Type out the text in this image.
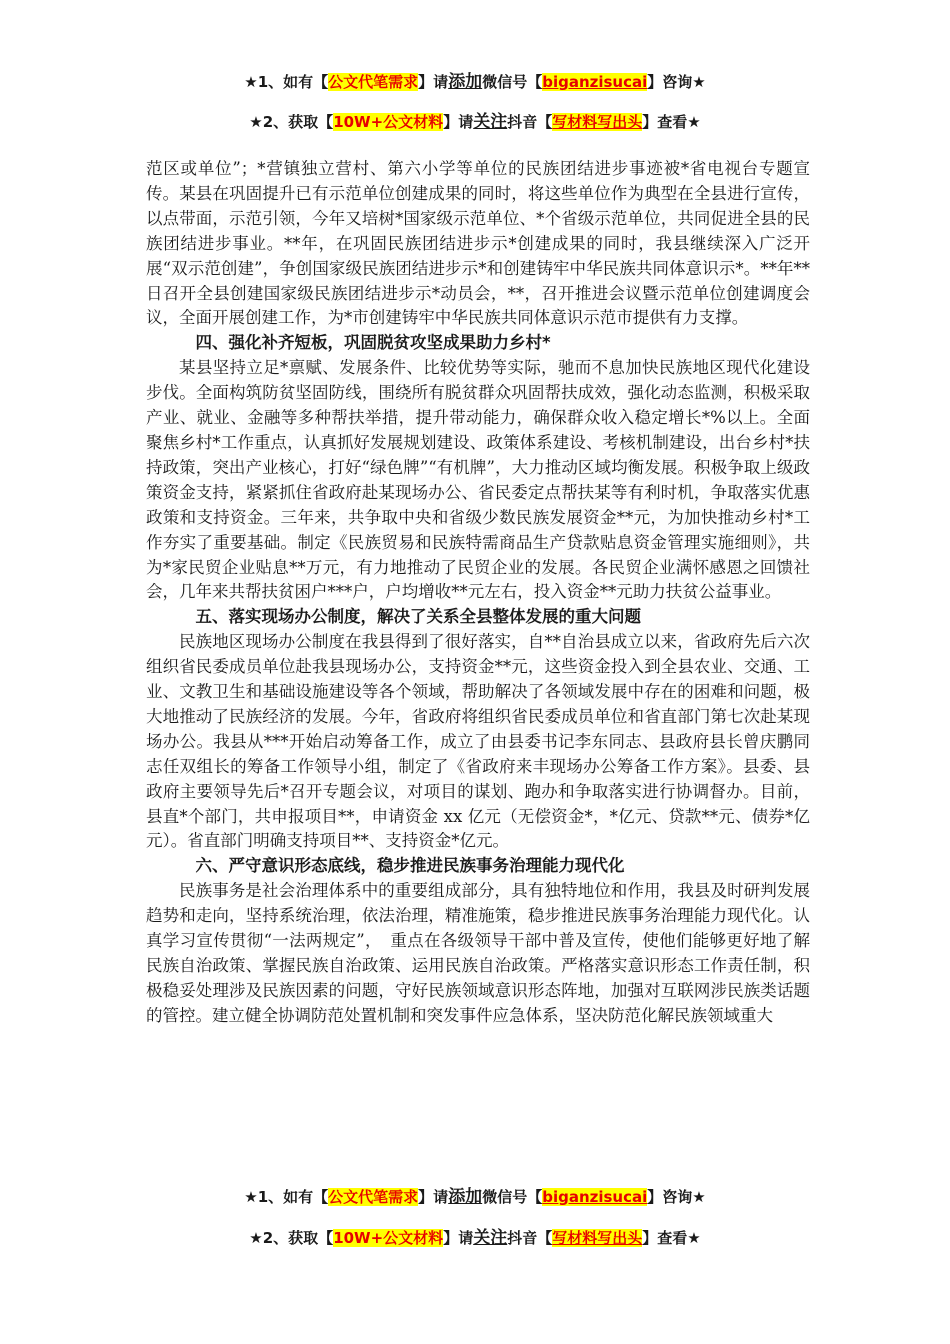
★1、如有【公文代笔需求】请添加微信号【biganzisucai】咨询★
★2、获取【10W+公文材料】请关注抖音【写材料写出头】查看★

范区或单位”；*营镇独立营村、第六小学等单位的民族团结进步事迹被*省电视台专题宣传。某县在巩固提升已有示范单位创建成果的同时，将这些单位作为典型在全县进行宣传，以点带面，示范引领，今年又培树*国家级示范单位、*个省级示范单位，共同促进全县的民族团结进步事业。**年，在巩固民族团结进步示*创建成果的同时，我县继续深入广泛开展“双示范创建”，争创国家级民族团结进步示*和创建铸牢中华民族共同体意识示*。**年**日召开全县创建国家级民族团结进步示*动员会，**，召开推进会议暨示范单位创建调度会议，全面开展创建工作，为*市创建铸牢中华民族共同体意识示范市提供有力支撑。

四、强化补齐短板，巩固脱贫攻坚成果助力乡村*

某县坚持立足*禀赋、发展条件、比较优势等实际，驰而不息加快民族地区现代化建设步伐。全面构筑防贫坚固防线，围绕所有脱贫群众巩固帮扶成效，强化动态监测，积极采取产业、就业、金融等多种帮扶举措，提升带动能力，确保群众收入稳定增长*%以上。全面聚焦乡村*工作重点，认真抓好发展规划建设、政策体系建设、考核机制建设，出台乡村*扶持政策，突出产业核心，打好“绿色牌”“有机牌”，大力推动区域均衡发展。积极争取上级政策资金支持，紧紧抓住省政府赴某现场办公、省民委定点帮扶某等有利时机，争取落实优惠政策和支持资金。三年来，共争取中央和省级少数民族发展资金**元，为加快推动乡村*工作夯实了重要基础。制定《民族贸易和民族特需商品生产贷款贴息资金管理实施细则》，共为*家民贸企业贴息**万元，有力地推动了民贸企业的发展。各民贸企业满怀感恩之回馈社会，几年来共帮扶贫困户***户，户均增收**元左右，投入资金**元助力扶贫公益事业。

五、落实现场办公制度，解决了关系全县整体发展的重大问题

民族地区现场办公制度在我县得到了很好落实，自**自治县成立以来，省政府先后六次组织省民委成员单位赴我县现场办公，支持资金**元，这些资金投入到全县农业、交通、工业、文教卫生和基础设施建设等各个领域，帮助解决了各领域发展中存在的困难和问题，极大地推动了民族经济的发展。今年，省政府将组织省民委成员单位和省直部门第七次赴某现场办公。我县从***开始启动筹备工作，成立了由县委书记李东同志、县政府县长曾庆鹏同志任双组长的筹备工作领导小组，制定了《省政府来丰现场办公筹备工作方案》。县委、县政府主要领导先后*召开专题会议，对项目的谋划、跑办和争取落实进行协调督办。目前，县直*个部门，共申报项目**，申请资金 xx 亿元（无偿资金*，*亿元、贷款**元、债券*亿元）。省直部门明确支持项目**、支持资金*亿元。

六、严守意识形态底线，稳步推进民族事务治理能力现代化

民族事务是社会治理体系中的重要组成部分，具有独特地位和作用，我县及时研判发展趋势和走向，坚持系统治理，依法治理，精准施策，稳步推进民族事务治理能力现代化。认真学习宣传贯彻“一法两规定”，　重点在各级领导干部中普及宣传，使他们能够更好地了解民族自治政策、掌握民族自治政策、运用民族自治政策。严格落实意识形态工作责任制，积极稳妥处理涉及民族因素的问题，守好民族领域意识形态阵地，加强对互联网涉民族类话题的管控。建立健全协调防范处置机制和突发事件应急体系，坚决防范化解民族领域重大

★1、如有【公文代笔需求】请添加微信号【biganzisucai】咨询★
★2、获取【10W+公文材料】请关注抖音【写材料写出头】查看★
